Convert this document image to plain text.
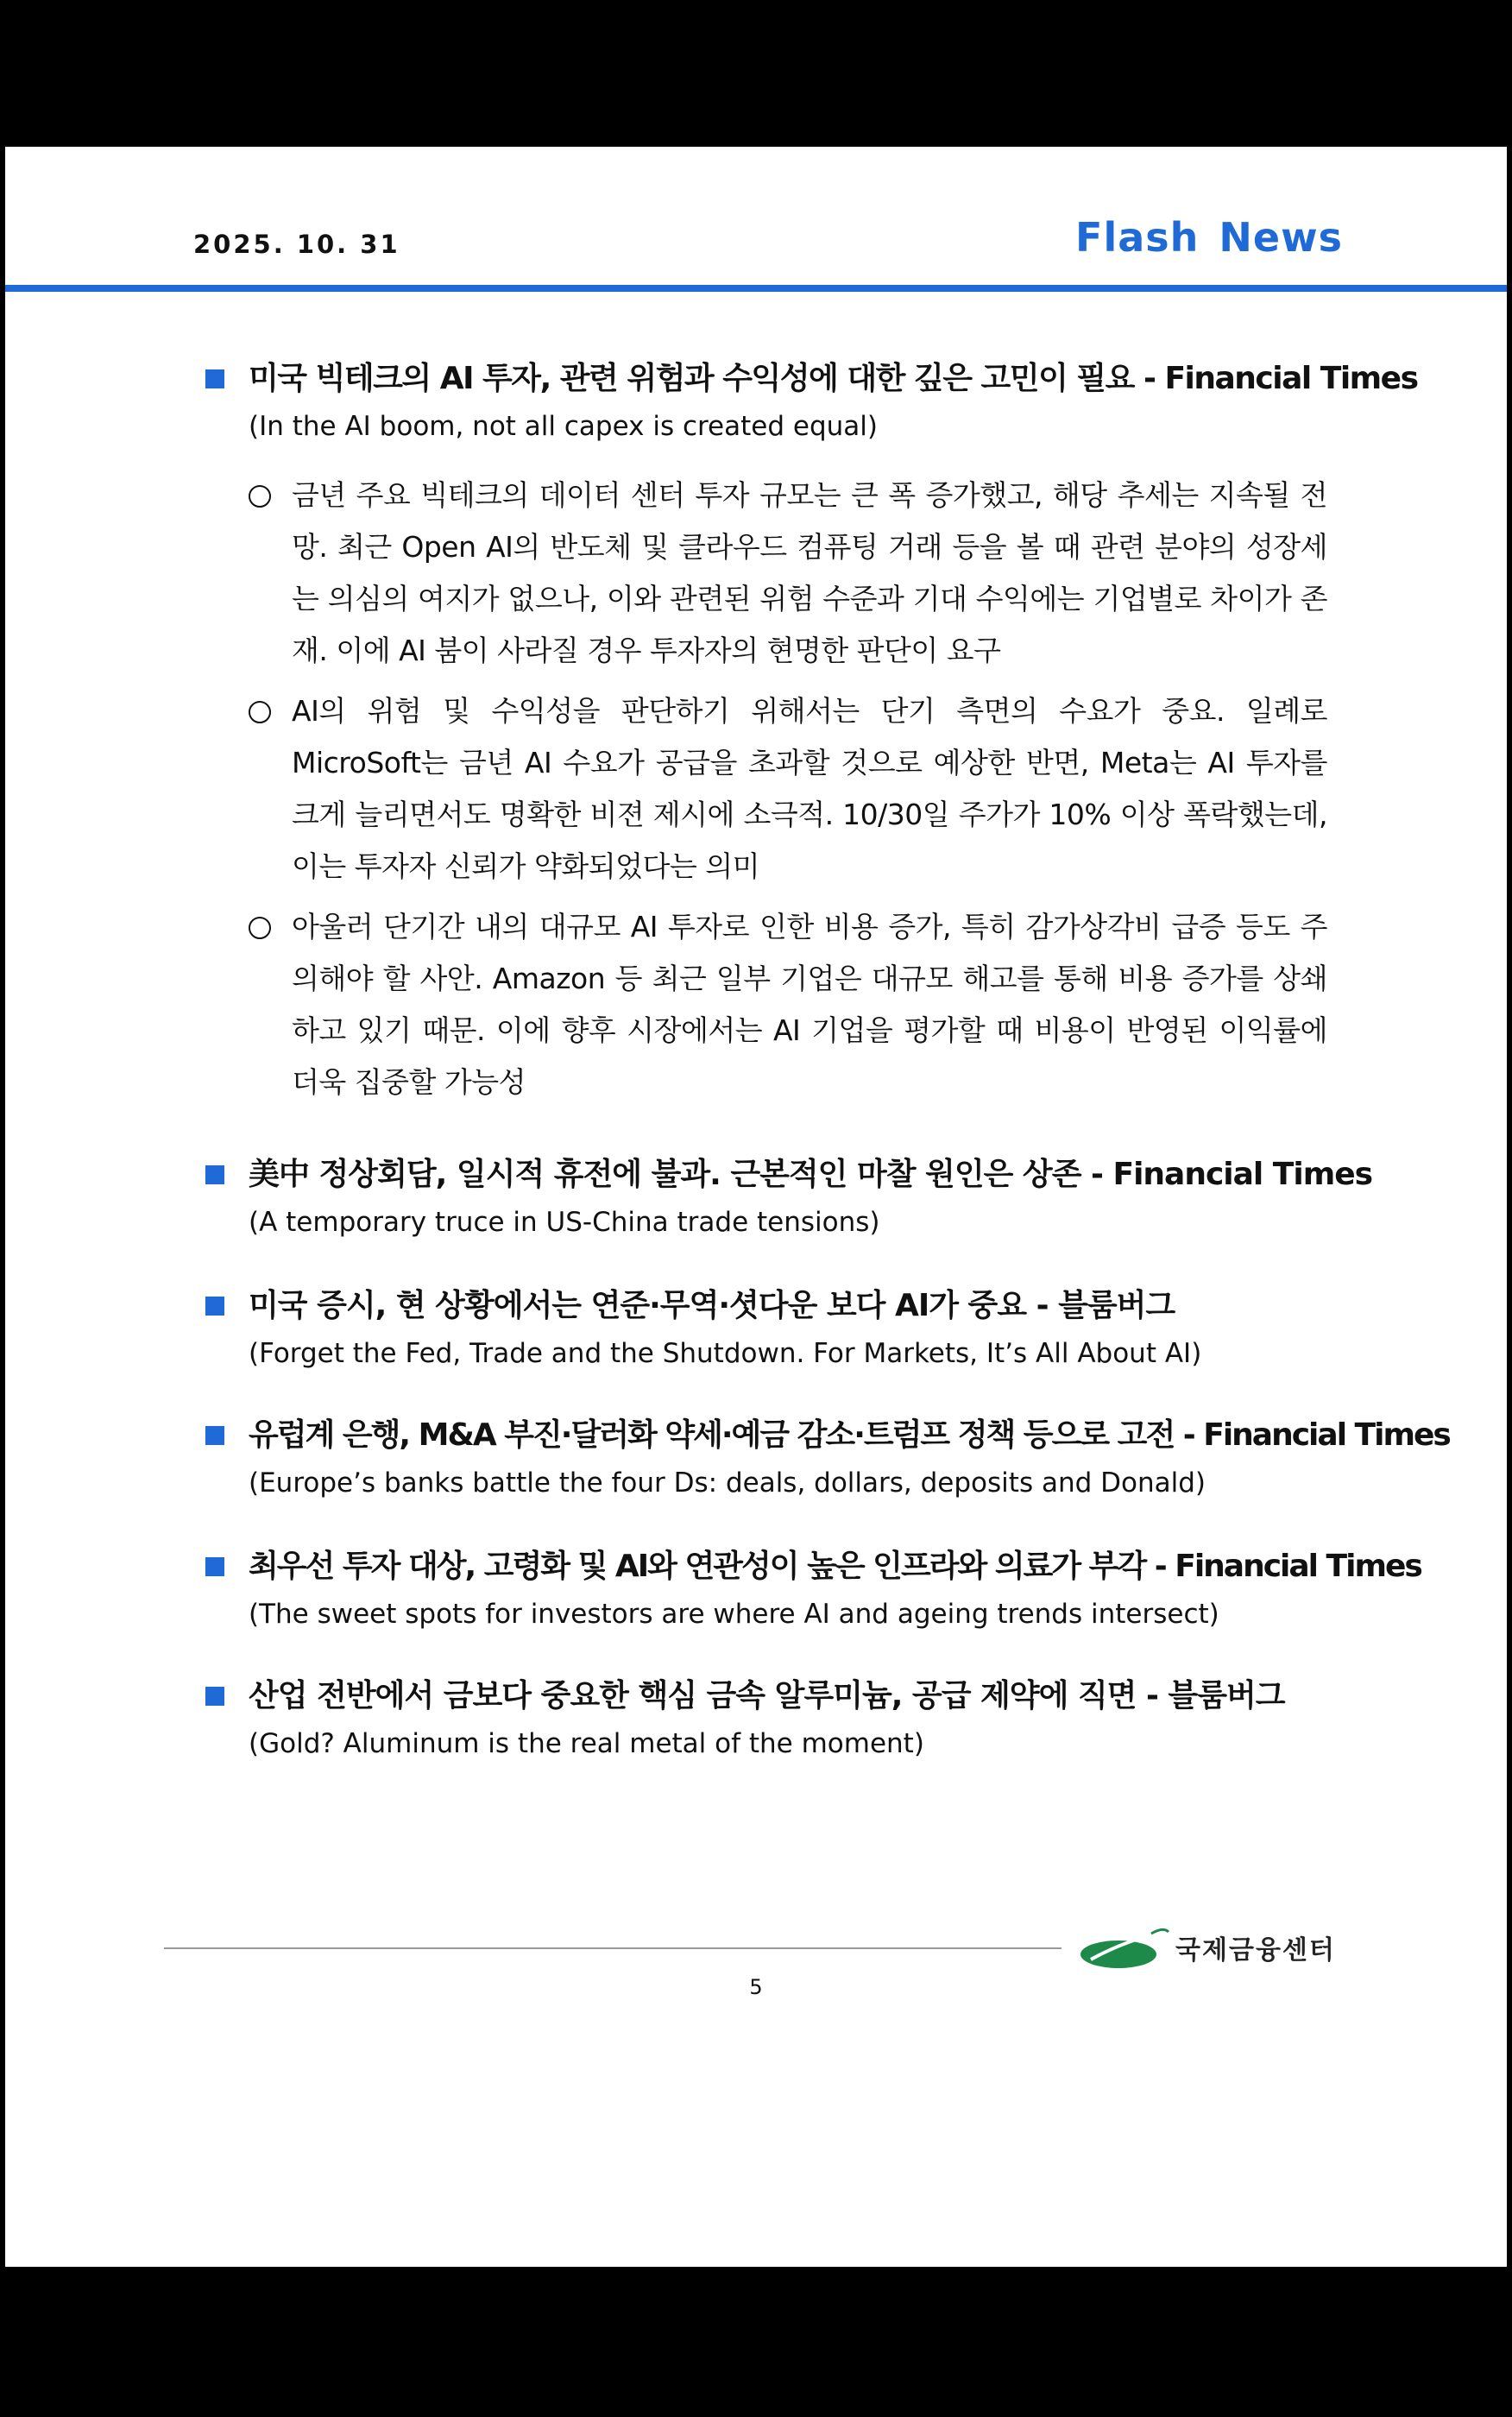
2025. 10. 31	Flash News
미국 빅테크의 AI 투자, 관련 위험과 수익성에 대한 깊은 고민이 필요 - Financial Times
(In the AI boom, not all capex is created equal)
금년 주요 빅테크의 데이터 센터 투자 규모는 큰 폭 증가했고, 해당 추세는 지속될 전망. 최근 Open AI의 반도체 및 클라우드 컴퓨팅 거래 등을 볼 때 관련 분야의 성장세는 의심의 여지가 없으나, 이와 관련된 위험 수준과 기대 수익에는 기업별로 차이가 존재. 이에 AI 붐이 사라질 경우 투자자의 현명한 판단이 요구
AI의 위험 및 수익성을 판단하기 위해서는 단기 측면의 수요가 중요. 일례로 MicroSoft는 금년 AI 수요가 공급을 초과할 것으로 예상한 반면, Meta는 AI 투자를 크게 늘리면서도 명확한 비젼 제시에 소극적. 10/30일 주가가 10% 이상 폭락했는데, 이는 투자자 신뢰가 약화되었다는 의미
아울러 단기간 내의 대규모 AI 투자로 인한 비용 증가, 특히 감가상각비 급증 등도 주의해야 할 사안. Amazon 등 최근 일부 기업은 대규모 해고를 통해 비용 증가를 상쇄하고 있기 때문. 이에 향후 시장에서는 AI 기업을 평가할 때 비용이 반영된 이익률에 더욱 집중할 가능성
美中 정상회담, 일시적 휴전에 불과. 근본적인 마찰 원인은 상존 - Financial Times
(A temporary truce in US-China trade tensions)
미국 증시, 현 상황에서는 연준·무역·셧다운 보다 AI가 중요 - 블룸버그
(Forget the Fed, Trade and the Shutdown. For Markets, It’s All About AI)
유럽계 은행, M&A 부진·달러화 약세·예금 감소·트럼프 정책 등으로 고전 - Financial Times
(Europe’s banks battle the four Ds: deals, dollars, deposits and Donald)
최우선 투자 대상, 고령화 및 AI와 연관성이 높은 인프라와 의료가 부각 - Financial Times
(The sweet spots for investors are where AI and ageing trends intersect)
산업 전반에서 금보다 중요한 핵심 금속 알루미늄, 공급 제약에 직면 - 블룸버그
(Gold? Aluminum is the real metal of the moment)
국제금융센터
5
